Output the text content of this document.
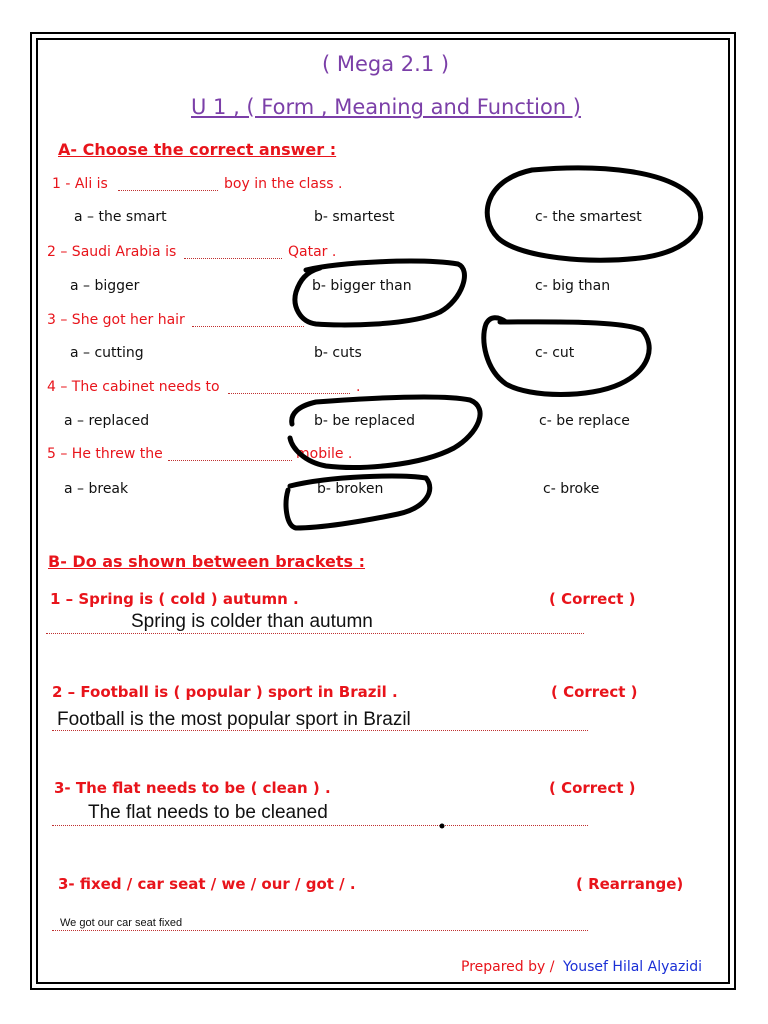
( Mega 2.1 )
U 1 , ( Form , Meaning and Function )
A- Choose the correct answer :
1 - Ali is	boy in the class .
a – the smart	b- smartest	c- the smartest
2 – Saudi Arabia is	Qatar .
a – bigger	b- bigger than	c- big than
3 – She got her hair
a – cutting	b- cuts	c- cut
4 – The cabinet needs to	.
a – replaced	b- be replaced	c- be replace
5 – He threw the	mobile .
a – break	b- broken	c- broke
B- Do as shown between brackets :
1 – Spring is ( cold ) autumn .	( Correct )
Spring is colder than autumn
2 – Football is ( popular ) sport in Brazil .	( Correct )
Football is the most popular sport in Brazil
3- The flat needs to be ( clean ) .	( Correct )
The flat needs to be cleaned
3- fixed / car seat / we / our / got / .	( Rearrange)
We got our car seat fixed
Prepared by / Yousef Hilal Alyazidi
